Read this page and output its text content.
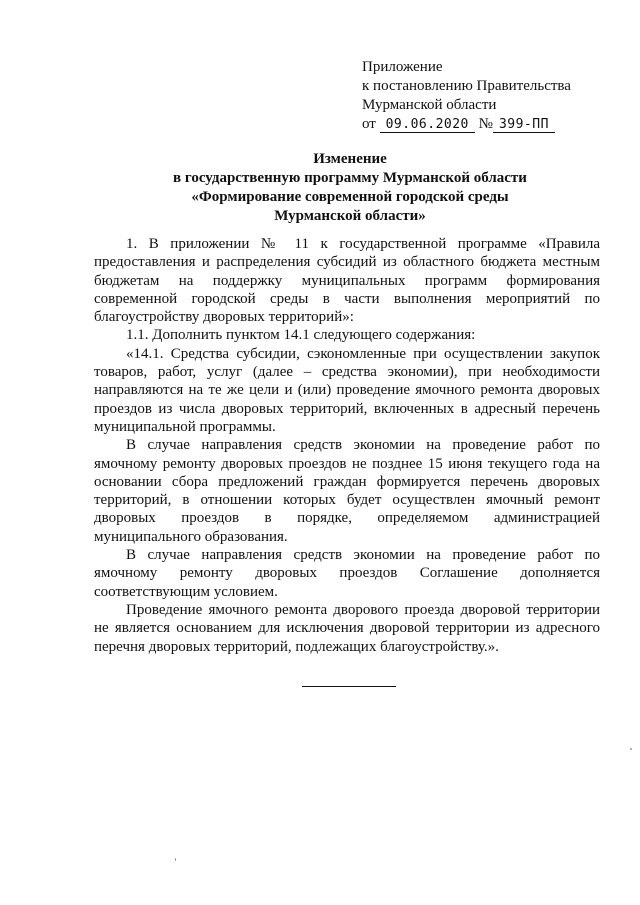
Приложение
к постановлению Правительства
Мурманской области
от 09.06.2020 № 399-ПП
Изменение
в государственную программу Мурманской области
«Формирование современной городской среды
Мурманской области»

1. В приложении № 11 к государственной программе «Правила предоставления и распределения субсидий из областного бюджета местным бюджетам на поддержку муниципальных программ формирования современной городской среды в части выполнения мероприятий по благоустройству дворовых территорий»:

1.1. Дополнить пунктом 14.1 следующего содержания:

«14.1. Средства субсидии, сэкономленные при осуществлении закупок товаров, работ, услуг (далее – средства экономии), при необходимости направляются на те же цели и (или) проведение ямочного ремонта дворовых проездов из числа дворовых территорий, включенных в адресный перечень муниципальной программы.

В случае направления средств экономии на проведение работ по ямочному ремонту дворовых проездов не позднее 15 июня текущего года на основании сбора предложений граждан формируется перечень дворовых территорий, в отношении которых будет осуществлен ямочный ремонт дворовых проездов в порядке, определяемом администрацией муниципального образования.

В случае направления средств экономии на проведение работ по ямочному ремонту дворовых проездов Соглашение дополняется соответствующим условием.

Проведение ямочного ремонта дворового проезда дворовой территории не является основанием для исключения дворовой территории из адресного перечня дворовых территорий, подлежащих благоустройству.».
